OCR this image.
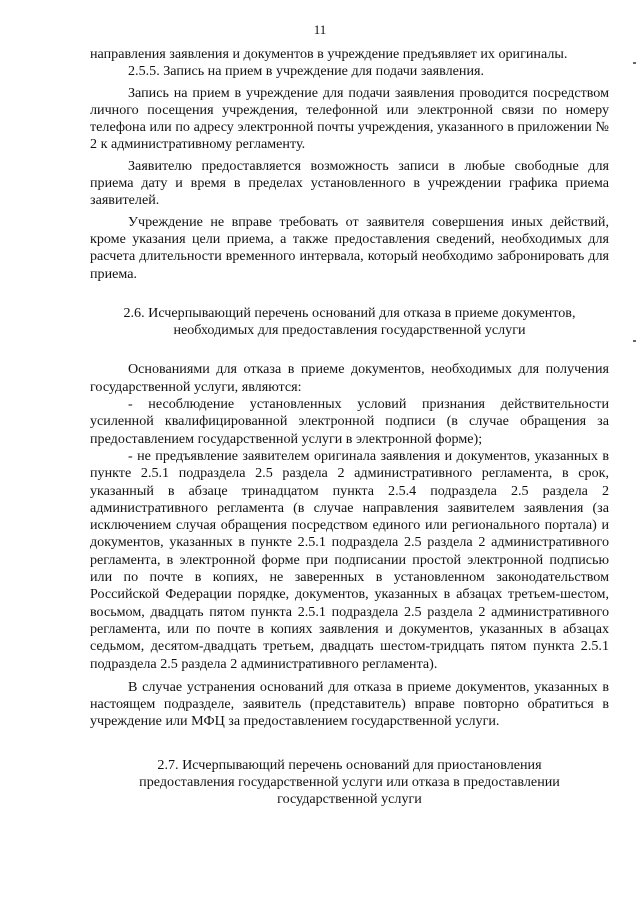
11

направления заявления и документов в учреждение предъявляет их оригиналы.

2.5.5. Запись на прием в учреждение для подачи заявления.

Запись на прием в учреждение для подачи заявления проводится посредством личного посещения учреждения, телефонной или электронной связи по номеру телефона или по адресу электронной почты учреждения, указанного в приложении № 2 к административному регламенту.

Заявителю предоставляется возможность записи в любые свободные для приема дату и время в пределах установленного в учреждении графика приема заявителей.

Учреждение не вправе требовать от заявителя совершения иных действий, кроме указания цели приема, а также предоставления сведений, необходимых для расчета длительности временного интервала, который необходимо забронировать для приема.

2.6. Исчерпывающий перечень оснований для отказа в приеме документов, необходимых для предоставления государственной услуги

Основаниями для отказа в приеме документов, необходимых для получения государственной услуги, являются:

- несоблюдение установленных условий признания действительности усиленной квалифицированной электронной подписи (в случае обращения за предоставлением государственной услуги в электронной форме);

- не предъявление заявителем оригинала заявления и документов, указанных в пункте 2.5.1 подраздела 2.5 раздела 2 административного регламента, в срок, указанный в абзаце тринадцатом пункта 2.5.4 подраздела 2.5 раздела 2 административного регламента (в случае направления заявителем заявления (за исключением случая обращения посредством единого или регионального портала) и документов, указанных в пункте 2.5.1 подраздела 2.5 раздела 2 административного регламента, в электронной форме при подписании простой электронной подписью или по почте в копиях, не заверенных в установленном законодательством Российской Федерации порядке, документов, указанных в абзацах третьем-шестом, восьмом, двадцать пятом пункта 2.5.1 подраздела 2.5 раздела 2 административного регламента, или по почте в копиях заявления и документов, указанных в абзацах седьмом, десятом-двадцать третьем, двадцать шестом-тридцать пятом пункта 2.5.1 подраздела 2.5 раздела 2 административного регламента).

В случае устранения оснований для отказа в приеме документов, указанных в настоящем подразделе, заявитель (представитель) вправе повторно обратиться в учреждение или МФЦ за предоставлением государственной услуги.

2.7. Исчерпывающий перечень оснований для приостановления предоставления государственной услуги или отказа в предоставлении государственной услуги
